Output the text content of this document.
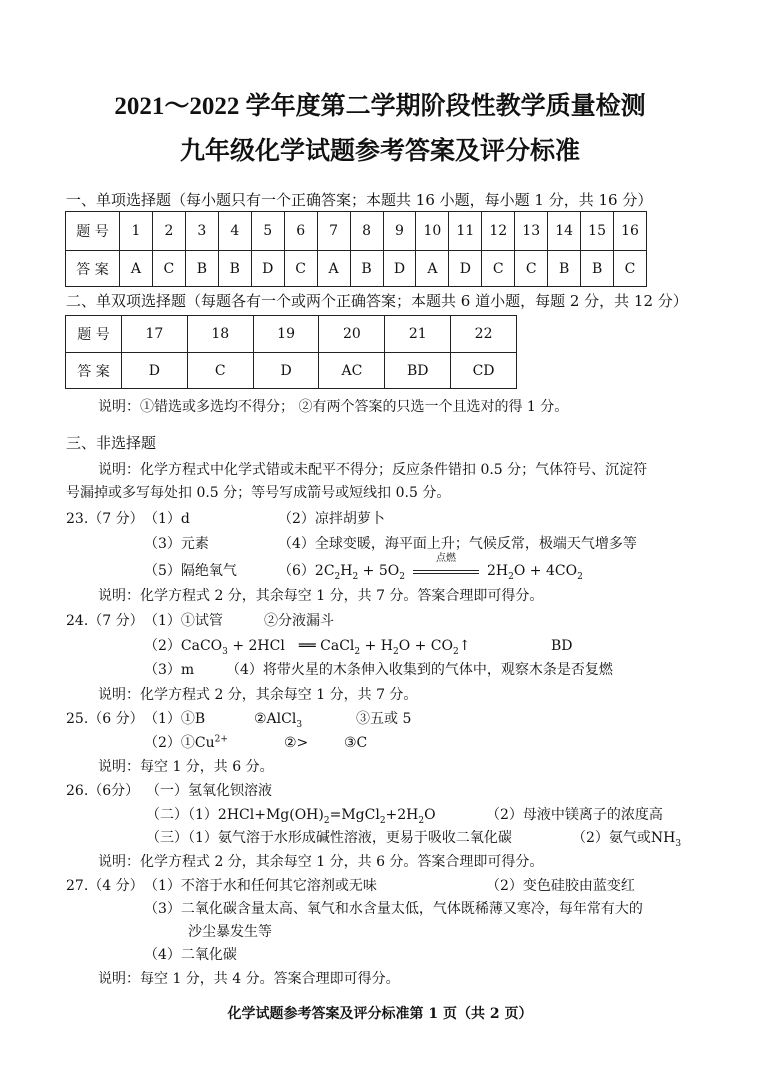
2021～2022 学年度第二学期阶段性教学质量检测
九年级化学试题参考答案及评分标准
一、单项选择题（每小题只有一个正确答案；本题共 16 小题，每小题 1 分，共 16 分）
题 号	1	2	3	4	5	6	7	8	9	10	11	12	13	14	15	16
答 案	A	C	B	B	D	C	A	B	D	A	D	C	C	B	B	C
二、单双项选择题（每题各有一个或两个正确答案；本题共 6 道小题，每题 2 分，共 12 分）
题 号	17	18	19	20	21	22
答 案	D	C	D	AC	BD	CD
说明：①错选或多选均不得分； ②有两个答案的只选一个且选对的得 1 分。
三、非选择题
说明：化学方程式中化学式错或未配平不得分；反应条件错扣 0.5 分；气体符号、沉淀符
号漏掉或多写每处扣 0.5 分；等号写成箭号或短线扣 0.5 分。
23.（7 分） （1）d	（2）凉拌胡萝卜
（3）元素	（4）全球变暖，海平面上升；气候反常，极端天气增多等
（5）隔绝氧气	$(6)2C_2H_2 + 5O_2$
点燃
$2H_2O + 4CO_2$
说明：化学方程式 2 分，其余每空 1 分，共 7 分。答案合理即可得分。
24.（7 分） （1）①试管	②分液漏斗
（2）CaCO$_3$ + 2HCl　══ CaCl$_2$ + $H_2O$ + $CO_2↑$	BD
（3）m （4）将带火星的木条伸入收集到的气体中，观察木条是否复燃
说明：化学方程式 2 分，其余每空 1 分，共 7 分。
25.（6 分） （1）①B	②AlCl$_3$	③五或 5
$(2)①Cu^{2+}$	②>	③C
说明：每空 1 分，共 6 分。
26.（6分） （一）氢氧化钡溶液
（二）$(1)2HCl+Mg(OH)_2=MgCl_2+2H_2O$	（2）母液中镁离子的浓度高
（三）（1）氨气溶于水形成碱性溶液，更易于吸收二氧化碳	（2）氨气或$NH_3$
说明：化学方程式 2 分，其余每空 1 分，共 6 分。答案合理即可得分。
27.（4 分） （1）不溶于水和任何其它溶剂或无味	（2）变色硅胶由蓝变红
（3）二氧化碳含量太高、氧气和水含量太低，气体既稀薄又寒冷，每年常有大的
沙尘暴发生等
（4）二氧化碳
说明：每空 1 分，共 4 分。答案合理即可得分。
化学试题参考答案及评分标准第 1 页（共 2 页）
